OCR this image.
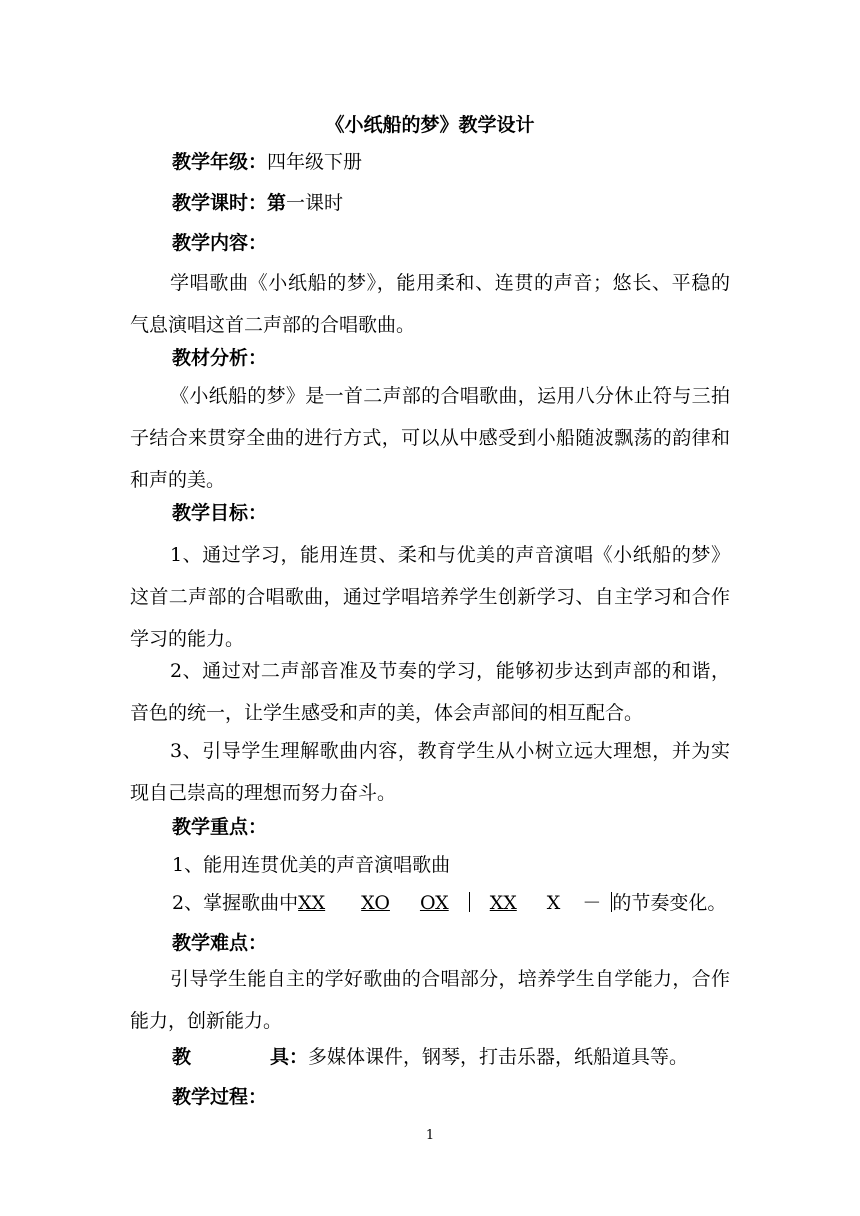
《小纸船的梦》教学设计
教学年级：四年级下册
教学课时：第一课时
教学内容：
学唱歌曲《小纸船的梦》，能用柔和、连贯的声音；悠长、平稳的气息演唱这首二声部的合唱歌曲。
教材分析：
《小纸船的梦》是一首二声部的合唱歌曲，运用八分休止符与三拍子结合来贯穿全曲的进行方式，可以从中感受到小船随波飘荡的韵律和和声的美。
教学目标：
1、通过学习，能用连贯、柔和与优美的声音演唱《小纸船的梦》这首二声部的合唱歌曲，通过学唱培养学生创新学习、自主学习和合作学习的能力。
2、通过对二声部音准及节奏的学习，能够初步达到声部的和谐，音色的统一，让学生感受和声的美，体会声部间的相互配合。
3、引导学生理解歌曲内容，教育学生从小树立远大理想，并为实现自己崇高的理想而努力奋斗。
教学重点：
1、能用连贯优美的声音演唱歌曲
2、掌握歌曲中XX XO OX XX X － 的节奏变化。
教学难点：
引导学生能自主的学好歌曲的合唱部分，培养学生自学能力，合作能力，创新能力。
教	具：多媒体课件，钢琴，打击乐器，纸船道具等。
教学过程：
1
